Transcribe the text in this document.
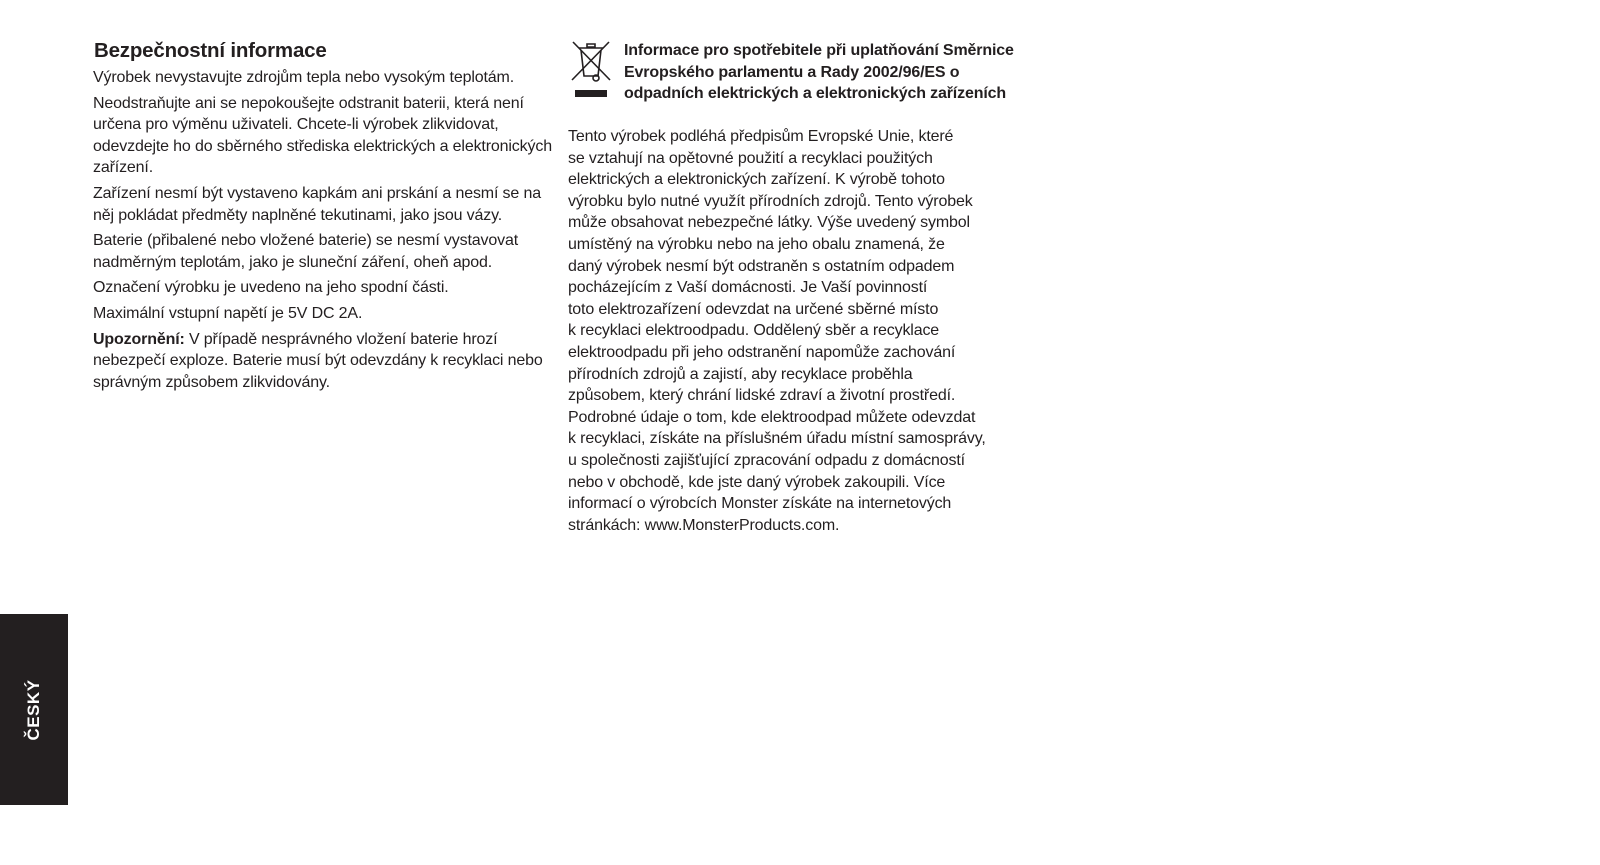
Bezpečnostní informace

Výrobek nevystavujte zdrojům tepla nebo vysokým teplotám.

Neodstraňujte ani se nepokoušejte odstranit baterii, která není určena pro výměnu uživateli. Chcete-li výrobek zlikvidovat, odevzdejte ho do sběrného střediska elektrických a elektronických zařízení.

Zařízení nesmí být vystaveno kapkám ani prskání a nesmí se na něj pokládat předměty naplněné tekutinami, jako jsou vázy.

Baterie (přibalené nebo vložené baterie) se nesmí vystavovat nadměrným teplotám, jako je sluneční záření, oheň apod.

Označení výrobku je uvedeno na jeho spodní části.

Maximální vstupní napětí je 5V DC 2A.

Upozornění: V případě nesprávného vložení baterie hrozí nebezpečí exploze. Baterie musí být odevzdány k recyklaci nebo správným způsobem zlikvidovány.

Informace pro spotřebitele při uplatňování Směrnice Evropského parlamentu a Rady 2002/96/ES o odpadních elektrických a elektronických zařízeních

Tento výrobek podléhá předpisům Evropské Unie, které
se vztahují na opětovné použití a recyklaci použitých
elektrických a elektronických zařízení. K výrobě tohoto
výrobku bylo nutné využít přírodních zdrojů. Tento výrobek
může obsahovat nebezpečné látky. Výše uvedený symbol
umístěný na výrobku nebo na jeho obalu znamená, že
daný výrobek nesmí být odstraněn s ostatním odpadem
pocházejícím z Vaší domácnosti. Je Vaší povinností
toto elektrozařízení odevzdat na určené sběrné místo
k recyklaci elektroodpadu. Oddělený sběr a recyklace
elektroodpadu při jeho odstranění napomůže zachování
přírodních zdrojů a zajistí, aby recyklace proběhla
způsobem, který chrání lidské zdraví a životní prostředí.
Podrobné údaje o tom, kde elektroodpad můžete odevzdat
k recyklaci, získáte na příslušném úřadu místní samosprávy,
u společnosti zajišťující zpracování odpadu z domácností
nebo v obchodě, kde jste daný výrobek zakoupili. Více
informací o výrobcích Monster získáte na internetových
stránkách: www.MonsterProducts.com.

ČESKÝ
